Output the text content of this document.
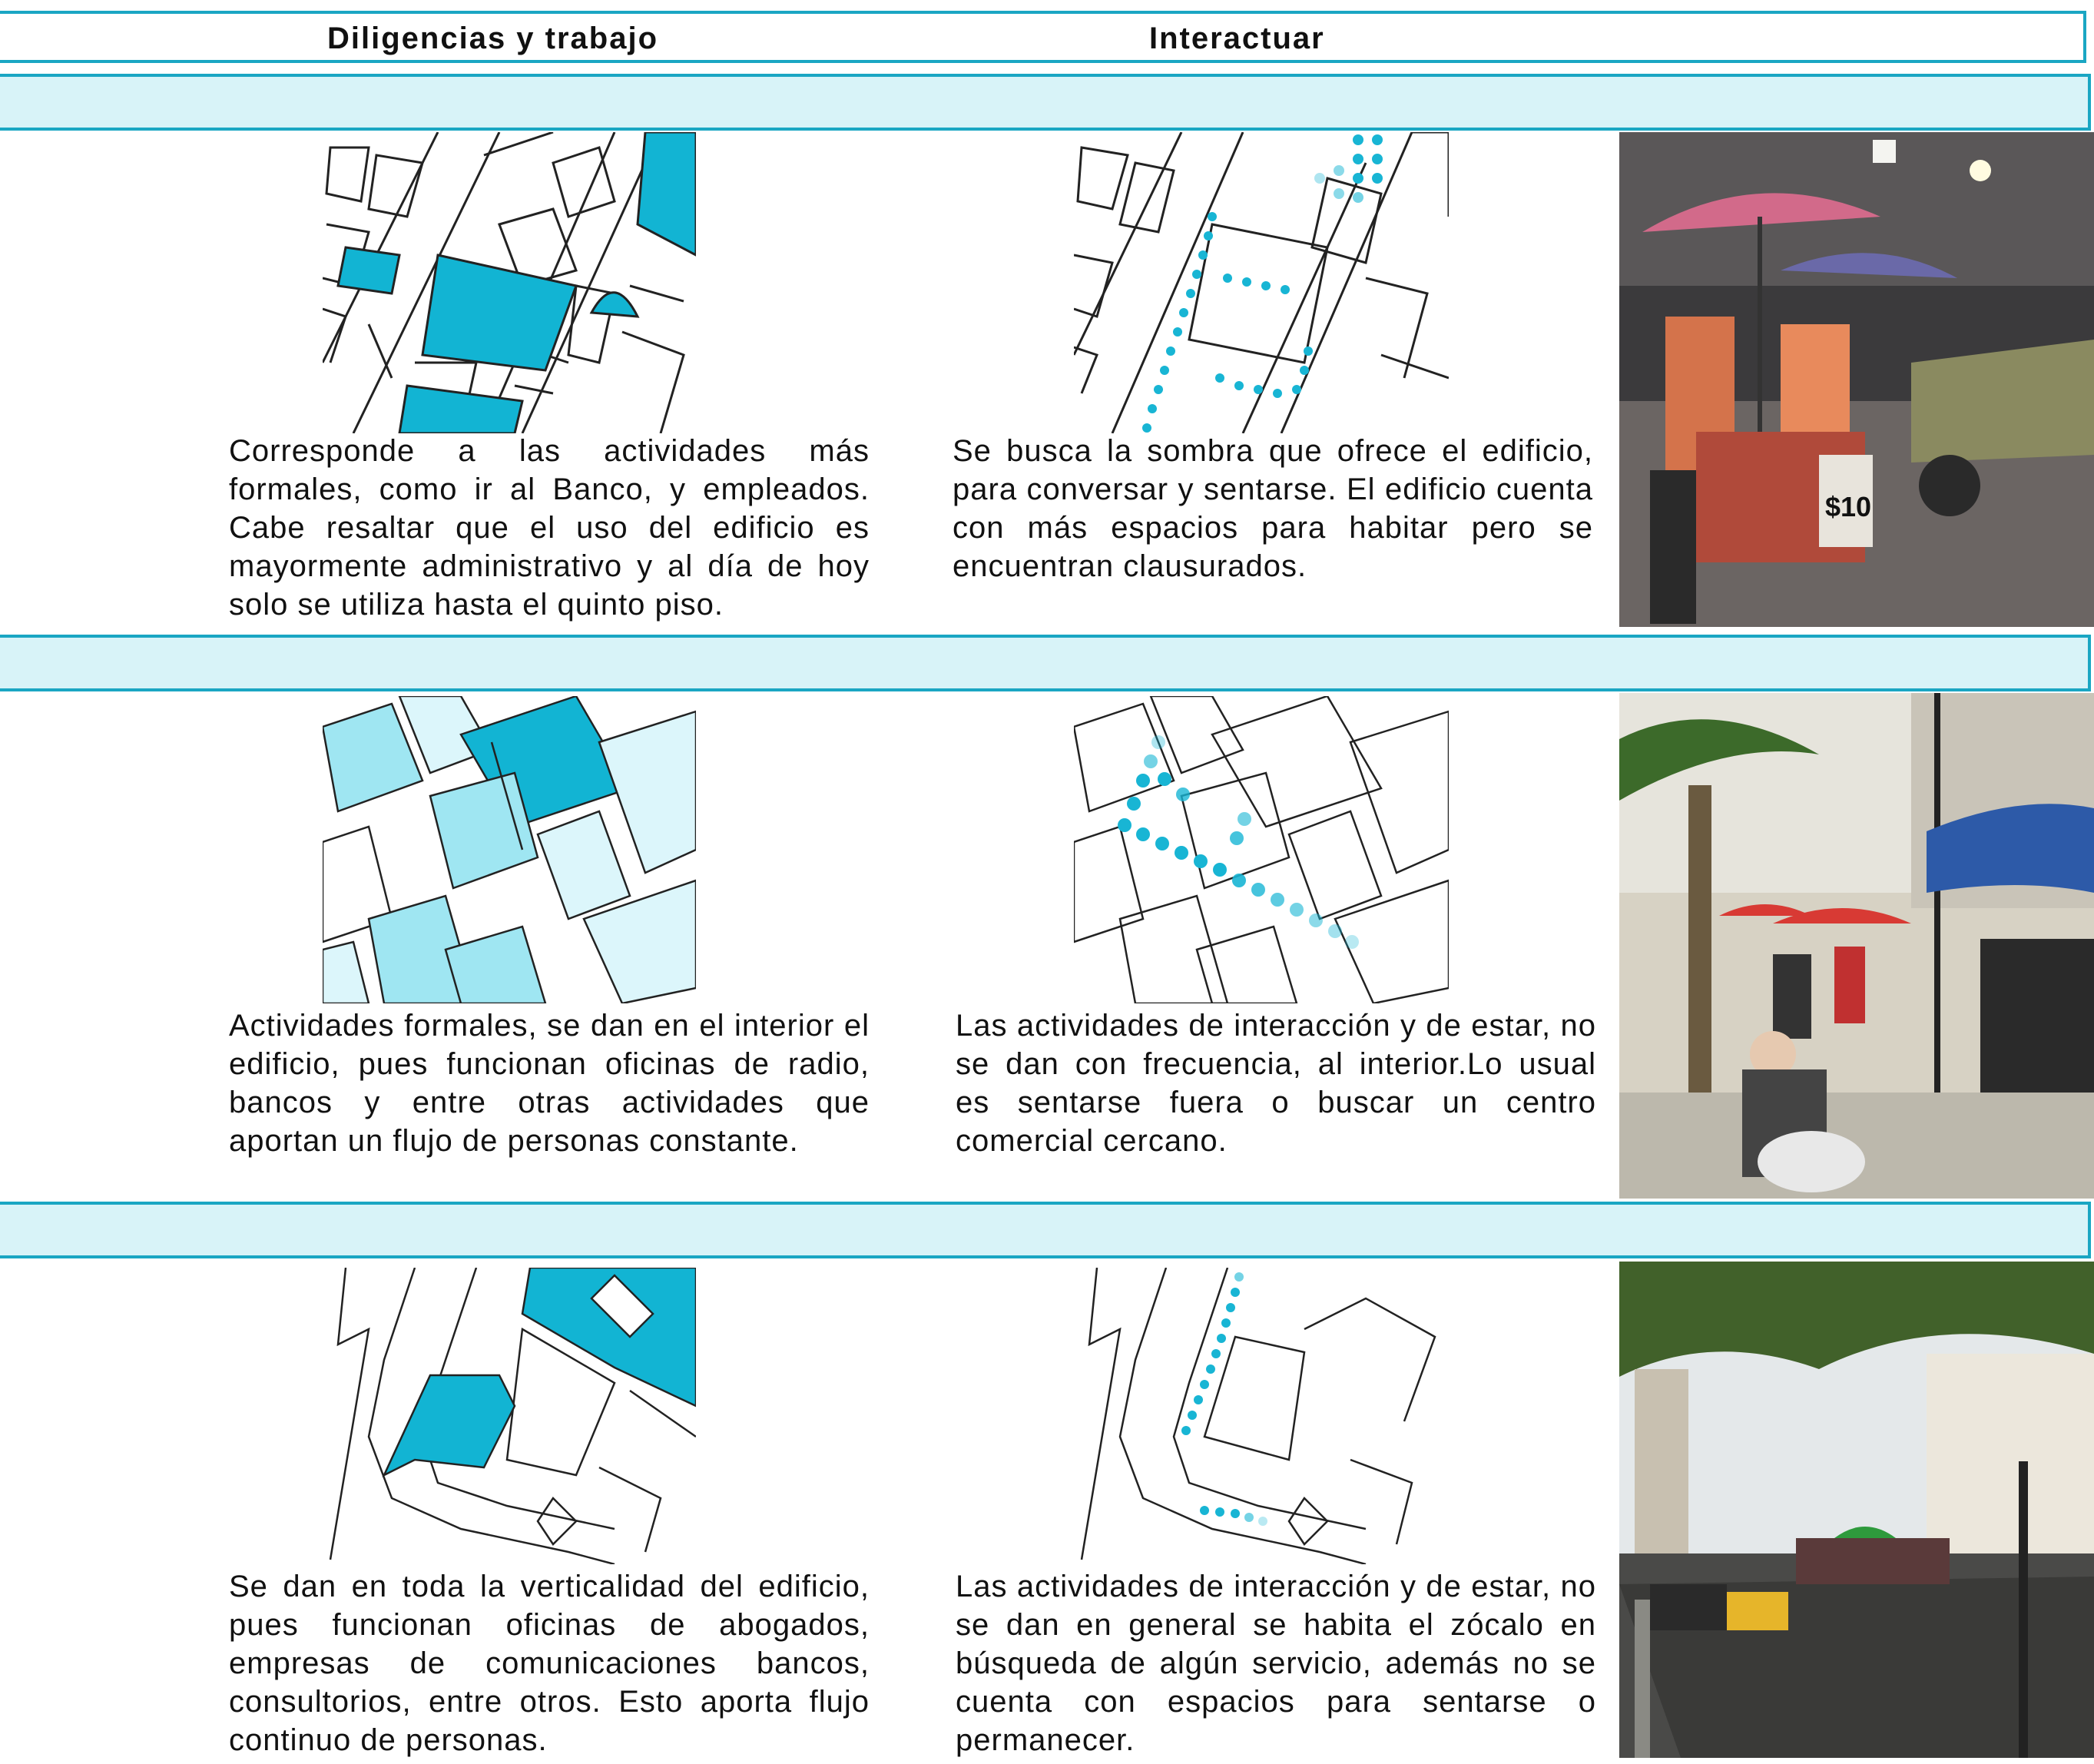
Diligencias y trabajo	Interactuar
Corresponde a las actividades más formales, como ir al Banco, y empleados. Cabe resaltar que el uso del edificio es mayormente administrativo y al día de hoy solo se utiliza hasta el quinto piso.
Se busca la sombra que ofrece el edificio, para conversar y sentarse. El edificio cuenta con más espacios para habitar pero se encuentran clausurados.
$10
Actividades formales, se dan en el interior el edificio, pues funcionan oficinas de radio, bancos y entre otras actividades que aportan un flujo de personas constante.
Las actividades de interacción y de estar, no se dan con frecuencia, al interior.Lo usual es sentarse fuera o buscar un centro comercial cercano.
Se dan en toda la verticalidad del edificio, pues funcionan oficinas de abogados, empresas de comunicaciones bancos, consultorios, entre otros. Esto aporta flujo continuo de personas.
Las actividades de interacción y de estar, no se dan en general se habita el zócalo en búsqueda de algún servicio, además no se cuenta con espacios para sentarse o permanecer.
